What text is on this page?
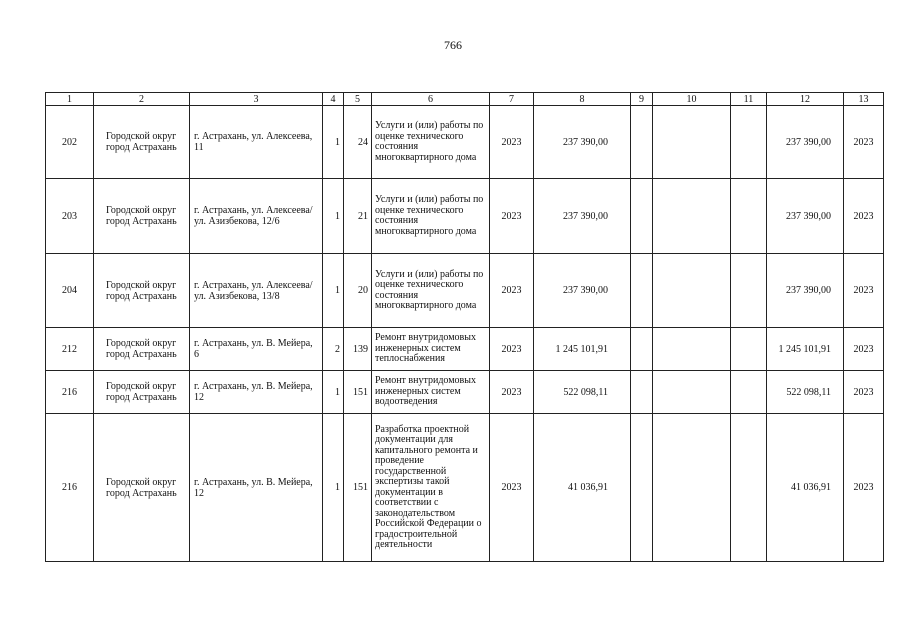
766
1	2	3	4	5	6	7	8	9	10	11	12	13
202	Городской округ город Астрахань	г. Астрахань, ул. Алексеева, 11	1	24	Услуги и (или) работы по оценке технического состояния многоквартирного дома	2023	237 390,00				237 390,00	2023
203	Городской округ город Астрахань	г. Астрахань, ул. Алексеева/ ул. Азизбекова, 12/6	1	21	Услуги и (или) работы по оценке технического состояния многоквартирного дома	2023	237 390,00				237 390,00	2023
204	Городской округ город Астрахань	г. Астрахань, ул. Алексеева/ ул. Азизбекова, 13/8	1	20	Услуги и (или) работы по оценке технического состояния многоквартирного дома	2023	237 390,00				237 390,00	2023
212	Городской округ город Астрахань	г. Астрахань, ул. В. Мейера, 6	2	139	Ремонт внутридомовых инженерных систем теплоснабжения	2023	1 245 101,91				1 245 101,91	2023
216	Городской округ город Астрахань	г. Астрахань, ул. В. Мейера, 12	1	151	Ремонт внутридомовых инженерных систем водоотведения	2023	522 098,11				522 098,11	2023
216	Городской округ город Астрахань	г. Астрахань, ул. В. Мейера, 12	1	151	Разработка проектной документации для капитального ремонта и проведение государственной экспертизы такой документации в соответствии с законодательством Российской Федерации о градостроительной деятельности	2023	41 036,91				41 036,91	2023
